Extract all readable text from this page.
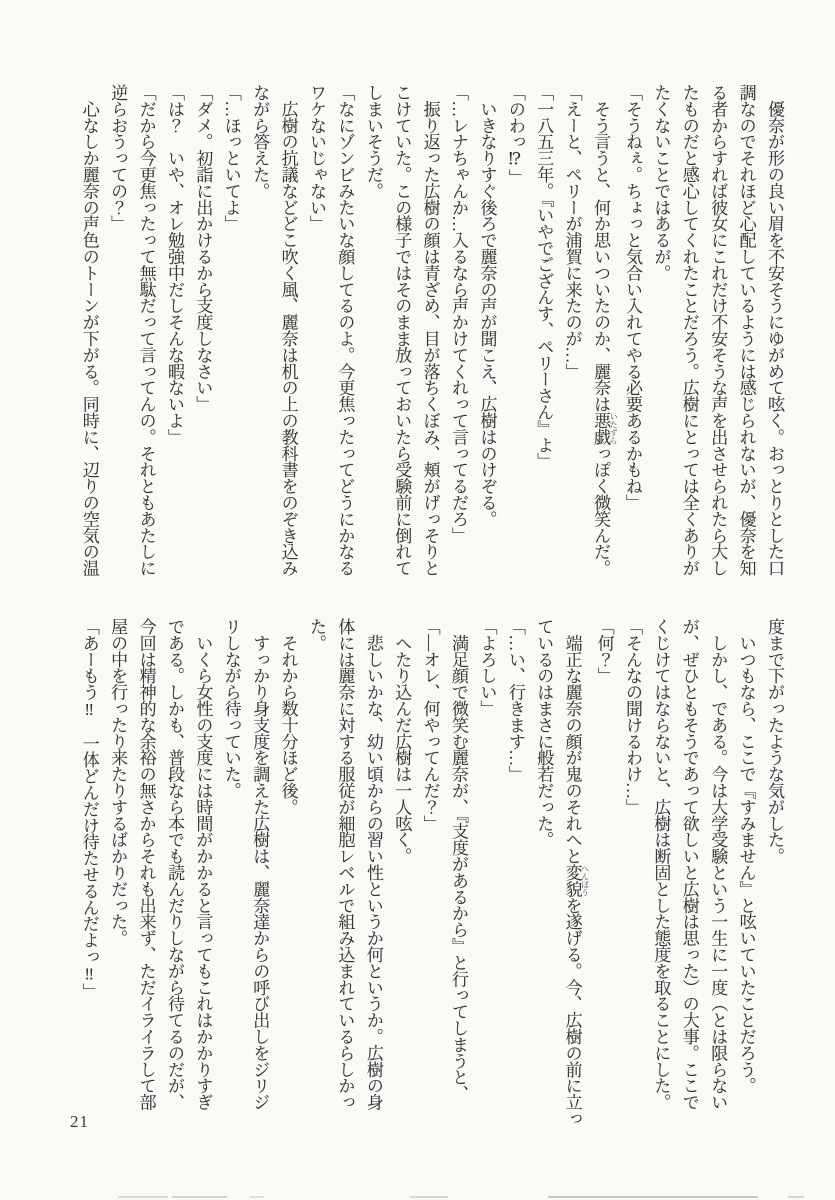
　優奈が形の良い眉を不安そうにゆがめて呟く。おっとりとした口
調なのでそれほど心配しているようには感じられないが、優奈を知
る者からすれば彼女にこれだけ不安そうな声を出させられたら大し
たものだと感心してくれたことだろう。広樹にとっては全くありが
たくないことではあるが。
「そうねぇ。ちょっと気合い入れてやる必要あるかもね」
　そう言うと、何か思いついたのか、麗奈は悪戯 いたずらっぽく微笑んだ。
「えーと、ペリーが浦賀に来たのが…」
「一八五三年。『いやでござんす、ペリーさん』よ」
「のわっ⁉」
　いきなりすぐ後ろで麗奈の声が聞こえ、広樹はのけぞる。
「…レナちゃんか…入るなら声かけてくれって言ってるだろ」
　振り返った広樹の顔は青ざめ、目が落ちくぼみ、頬がげっそりと
こけていた。この様子ではそのまま放っておいたら受験前に倒れて
しまいそうだ。
「なにゾンビみたいな顔してるのよ。今更焦ったってどうにかなる
ワケないじゃない」
　広樹の抗議などどこ吹く風、麗奈は机の上の教科書をのぞき込み
ながら答えた。
「…ほっといてよ」
「ダメ。初詣に出かけるから支度しなさい」
「は？　いや、オレ勉強中だしそんな暇ないよ」
「だから今更焦ったって無駄だって言ってんの。それともあたしに
逆らおうっての？」
　心なしか麗奈の声色のトーンが下がる。同時に、辺りの空気の温
度まで下がったような気がした。
　いつもなら、ここで『すみません』と呟いていたことだろう。
　しかし、である。今は大学受験という一生に一度（とは限らない
が、ぜひともそうであって欲しいと広樹は思った）の大事。ここで
くじけてはならないと、広樹は断固とした態度を取ることにした。
「そんなの聞けるわけ…」
「何？」
　端正な麗奈の顔が鬼のそれへと変貌 へんぼうを遂げる。今、広樹の前に立っ
ているのはまさに般若だった。
「…い、行きます…」
「よろしい」
　満足顔で微笑む麗奈が、『支度があるから』と行ってしまうと、
「―オレ、何やってんだ？」
　へたり込んだ広樹は一人呟く。
　悲しいかな、幼い頃からの習い性というか何というか。広樹の身
体には麗奈に対する服従が細胞レベルで組み込まれているらしかっ
た。
　それから数十分ほど後。
　すっかり身支度を調えた広樹は、麗奈達からの呼び出しをジリジ
リしながら待っていた。
　いくら女性の支度には時間がかかると言ってもこれはかかりすぎ
である。しかも、普段なら本でも読んだりしながら待てるのだが、
今回は精神的な余裕の無さからそれも出来ず、ただイライラして部
屋の中を行ったり来たりするばかりだった。
「あーもう‼　一体どんだけ待たせるんだよっ‼」
21
